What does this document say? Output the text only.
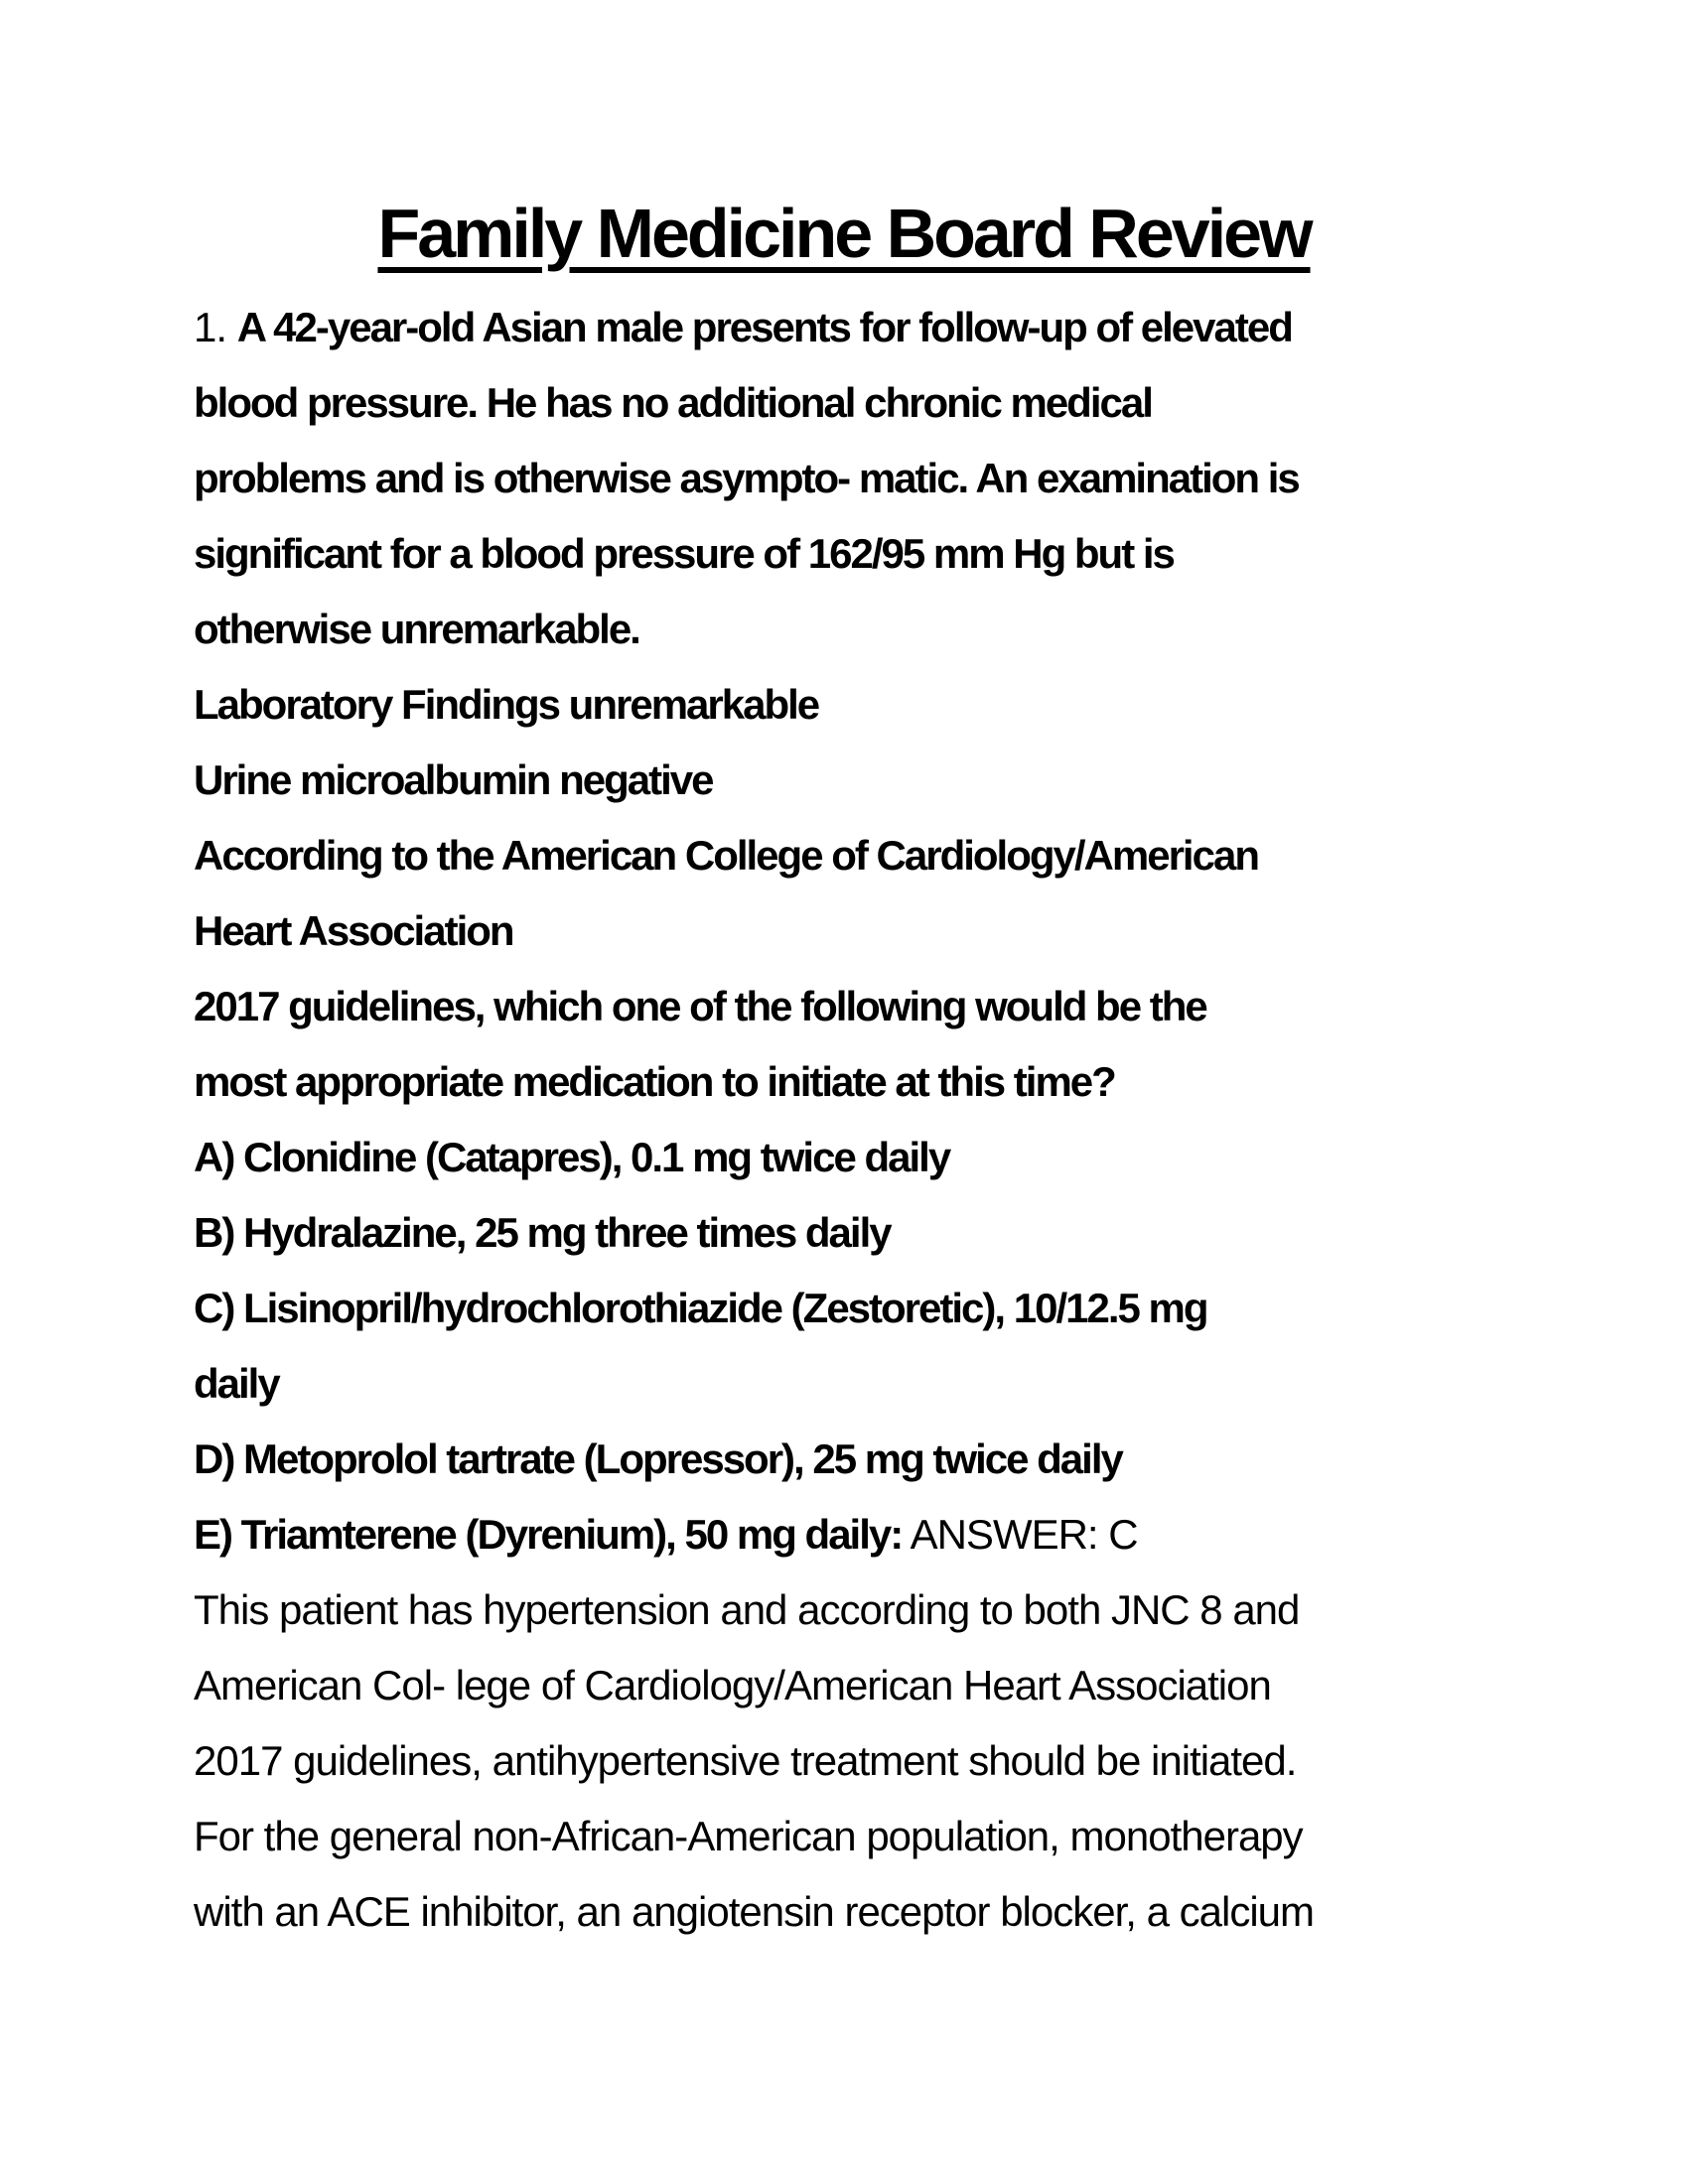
Family Medicine Board Review
1. A 42-year-old Asian male presents for follow-up of elevated
blood pressure. He has no additional chronic medical
problems and is otherwise asympto- matic. An examination is
significant for a blood pressure of 162/95 mm Hg but is
otherwise unremarkable.
Laboratory Findings unremarkable
Urine microalbumin negative
According to the American College of Cardiology/American
Heart Association
2017 guidelines, which one of the following would be the
most appropriate medication to initiate at this time?
A) Clonidine (Catapres), 0.1 mg twice daily
B) Hydralazine, 25 mg three times daily
C) Lisinopril/hydrochlorothiazide (Zestoretic), 10/12.5 mg
daily
D) Metoprolol tartrate (Lopressor), 25 mg twice daily
E) Triamterene (Dyrenium), 50 mg daily: ANSWER: C
This patient has hypertension and according to both JNC 8 and
American Col- lege of Cardiology/American Heart Association
2017 guidelines, antihypertensive treatment should be initiated.
For the general non-African-American population, monotherapy
with an ACE inhibitor, an angiotensin receptor blocker, a calcium
